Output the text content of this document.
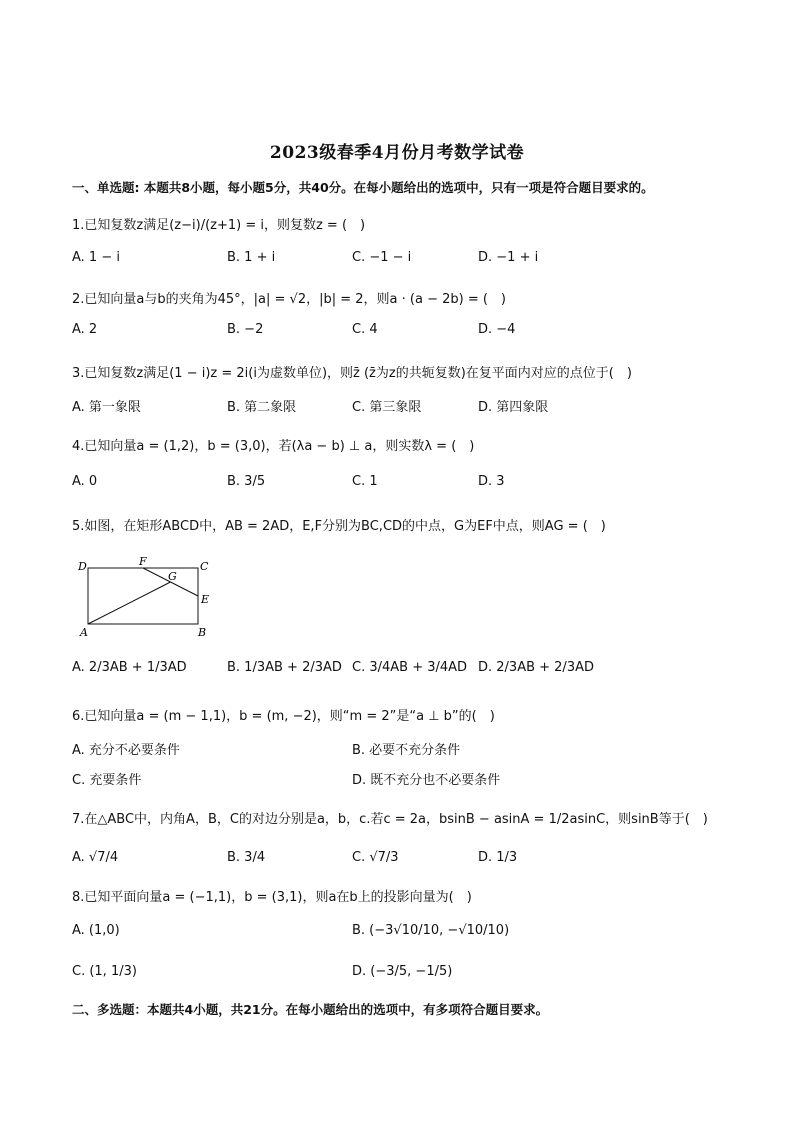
2023级春季4月份月考数学试卷
一、单选题: 本题共8小题，每小题5分，共40分。在每小题给出的选项中，只有一项是符合题目要求的。
1.已知复数z满足(z−i)/(z+1) = i，则复数z = (　)
A. 1 − i	B. 1 + i	C. −1 − i	D. −1 + i
2.已知向量a与b的夹角为45°，|a| = √2，|b| = 2，则a · (a − 2b) = (　)
A. 2	B. −2	C. 4	D. −4
3.已知复数z满足(1 − i)z = 2i(i为虚数单位)，则z̄ (z̄为z的共轭复数)在复平面内对应的点位于(　)
A. 第一象限	B. 第二象限	C. 第三象限	D. 第四象限
4.已知向量a = (1,2)，b = (3,0)，若(λa − b) ⊥ a，则实数λ = (　)
A. 0	B. 3/5	C. 1	D. 3
5.如图，在矩形ABCD中，AB = 2AD，E,F分别为BC,CD的中点，G为EF中点，则AG = (　)
D	F	C
G
E
A	B
A. 2/3AB + 1/3AD	B. 1/3AB + 2/3AD C. 3/4AB + 3/4AD D. 2/3AB + 2/3AD
6.已知向量a = (m − 1,1)，b = (m, −2)，则“m = 2”是“a ⊥ b”的(　)
A. 充分不必要条件	B. 必要不充分条件
C. 充要条件	D. 既不充分也不必要条件
7.在△ABC中，内角A，B，C的对边分别是a，b，c.若c = 2a，bsinB − asinA = 1/2asinC，则sinB等于(　)
A. √7/4	B. 3/4	C. √7/3	D. 1/3
8.已知平面向量a = (−1,1)，b = (3,1)，则a在b上的投影向量为(　)
A. (1,0)	B. (−3√10/10, −√10/10)
C. (1, 1/3)	D. (−3/5, −1/5)
二、多选题：本题共4小题，共21分。在每小题给出的选项中，有多项符合题目要求。
